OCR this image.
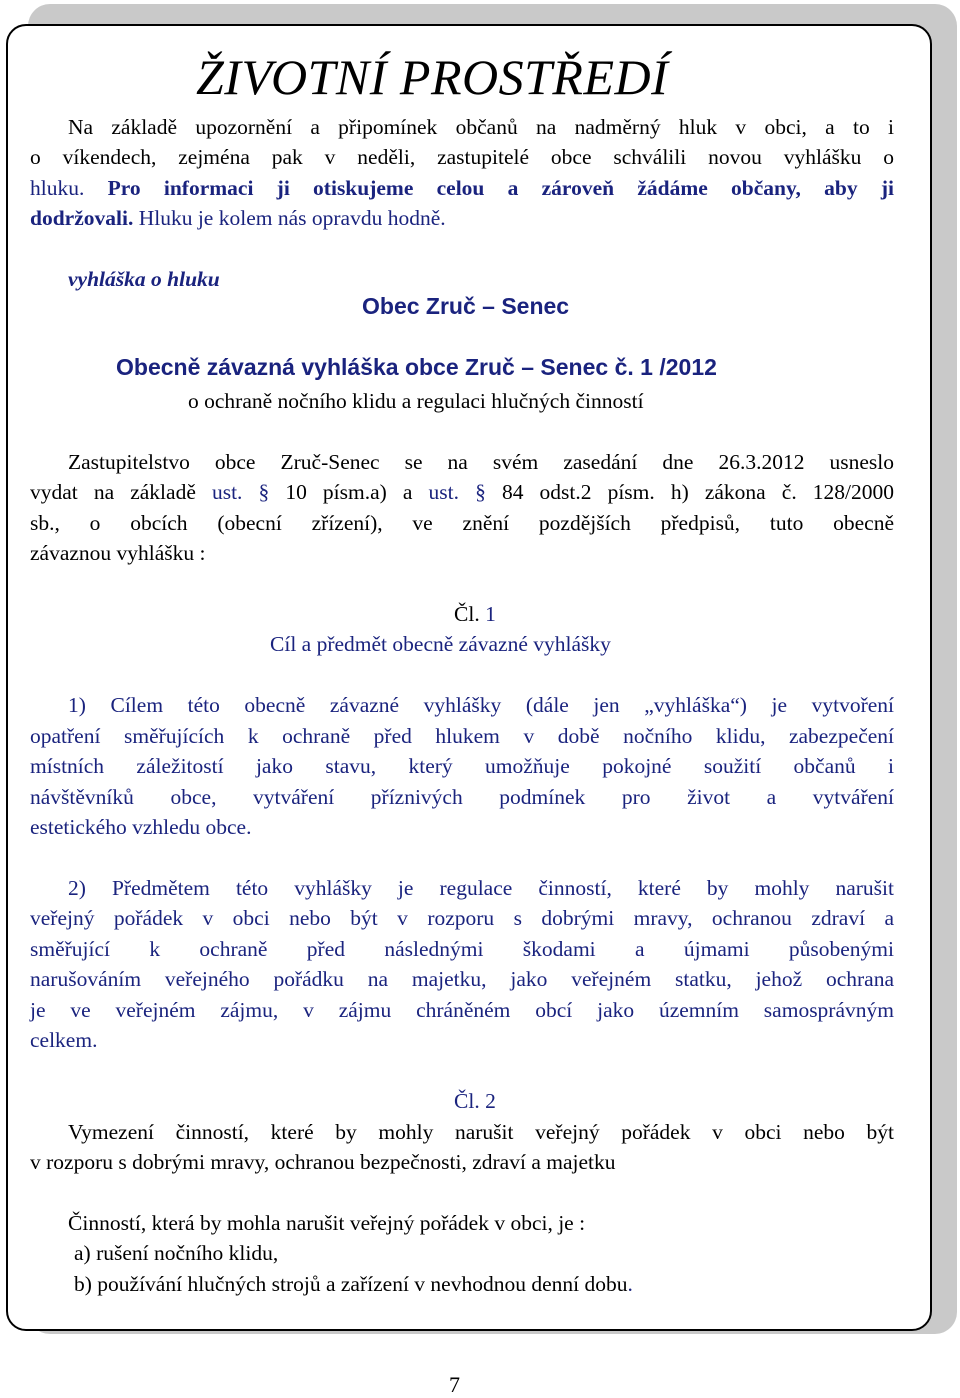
ŽIVOTNÍ PROSTŘEDÍ
Na základě upozornění a připomínek občanů na nadměrný hluk v obci, a to i
o víkendech, zejména pak v neděli, zastupitelé obce schválili novou vyhlášku o
hluku. Pro informaci ji otiskujeme celou a zároveň žádáme občany, aby ji
dodržovali. Hluku je kolem nás opravdu hodně.
vyhláška o hluku
Obec Zruč – Senec
Obecně závazná vyhláška obce Zruč – Senec č. 1 /2012
o ochraně nočního klidu a regulaci hlučných činností
Zastupitelstvo obce Zruč-Senec se na svém zasedání dne 26.3.2012 usneslo
vydat na základě ust. § 10 písm.a) a ust. § 84 odst.2 písm. h) zákona č. 128/2000
sb., o obcích (obecní zřízení), ve znění pozdějších předpisů, tuto obecně
závaznou vyhlášku :
Čl. 1
Cíl a předmět obecně závazné vyhlášky
1) Cílem této obecně závazné vyhlášky (dále jen „vyhláška“) je vytvoření
opatření směřujících k ochraně před hlukem v době nočního klidu, zabezpečení
místních záležitostí jako stavu, který umožňuje pokojné soužití občanů i
návštěvníků obce, vytváření příznivých podmínek pro život a vytváření
estetického vzhledu obce.
2) Předmětem této vyhlášky je regulace činností, které by mohly narušit
veřejný pořádek v obci nebo být v rozporu s dobrými mravy, ochranou zdraví a
směřující k ochraně před následnými škodami a újmami působenými
narušováním veřejného pořádku na majetku, jako veřejném statku, jehož ochrana
je ve veřejném zájmu, v zájmu chráněném obcí jako územním samosprávným
celkem.
Čl. 2
Vymezení činností, které by mohly narušit veřejný pořádek v obci nebo být
v rozporu s dobrými mravy, ochranou bezpečnosti, zdraví a majetku
Činností, která by mohla narušit veřejný pořádek v obci, je :
a) rušení nočního klidu,
b) používání hlučných strojů a zařízení v nevhodnou denní dobu.
7
